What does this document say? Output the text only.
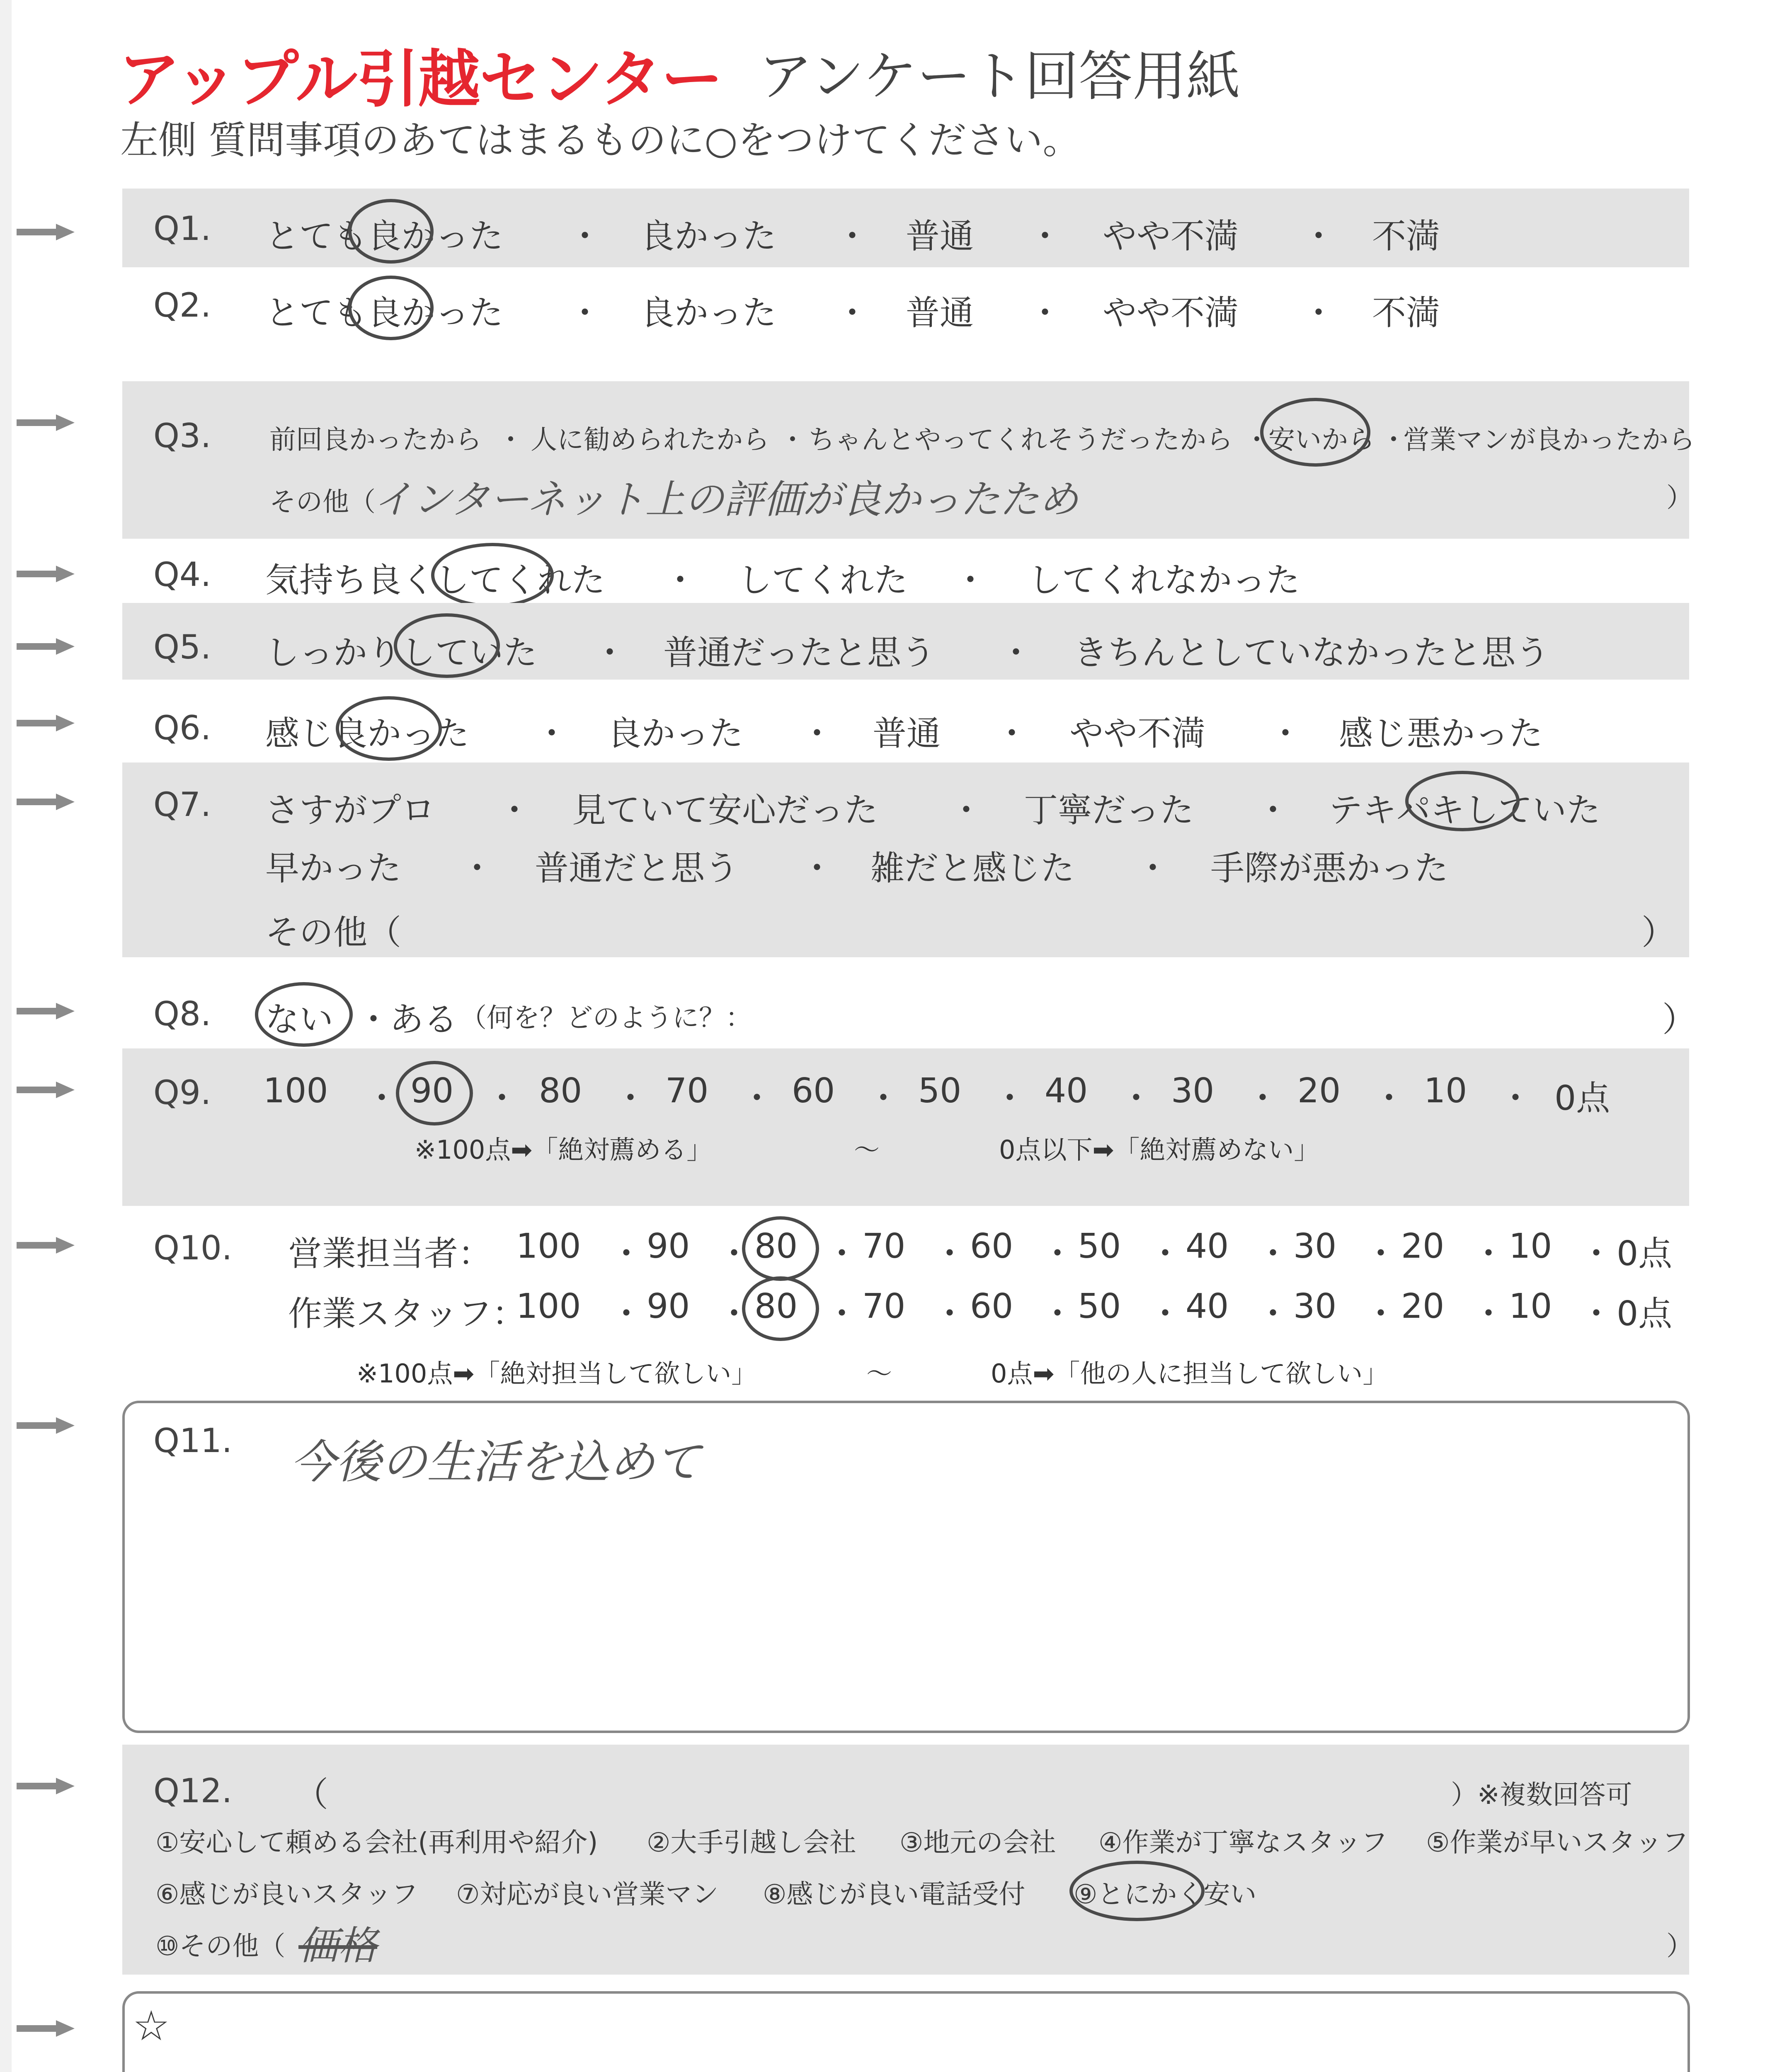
アップル引越センター アンケート回答用紙
左側 質問事項のあてはまるものに○をつけてください。
Q1. とても良かった ・ 良かった ・ 普通 ・ やや不満 ・ 不満
Q2. とても良かった ・ 良かった ・ 普通 ・ やや不満 ・ 不満
Q3. 前回良かったから ・ 人に勧められたから ・ ちゃんとやってくれそうだったから ・
安いから ・
営業マンが良かったから
その他（
インターネット上の評価が良かったため	）
Q4. 気持ち良くしてくれた ・ してくれた ・ してくれなかった
Q5. しっかりしていた ・ 普通だったと思う ・ きちんとしていなかったと思う
Q6. 感じ良かった ・ 良かった ・ 普通 ・ やや不満 ・ 感じ悪かった
Q7. さすがプロ ・ 見ていて安心だった ・ 丁寧だった ・ テキパキしていた
早かった ・ 普通だと思う ・ 雑だと感じた ・ 手際が悪かった
その他（	）
Q8. ない ・
ある （何を？どのように？：	）
Q9. 100 ・ 90 ・ 80 ・ 70 ・ 60 ・ 50 ・ 40 ・ 30 ・ 20 ・ 10 ・ 0点
※100点➡「絶対薦める」	〜	0点以下➡「絶対薦めない」
Q10. 営業担当者： 100 ・ 90 ・ 80 ・ 70 ・ 60 ・ 50 ・ 40 ・ 30 ・ 20 ・ 10 ・ 0点
作業スタッフ：
100 ・ 90 ・ 80 ・ 70 ・ 60 ・ 50 ・ 40 ・ 30 ・ 20 ・ 10 ・ 0点
※100点➡「絶対担当して欲しい」	〜	0点➡「他の人に担当して欲しい」
Q11. 今後の生活を込めて
Q12. （	）※複数回答可
①安心して頼める会社(再利用や紹介) ②大手引越し会社 ③地元の会社 ④作業が丁寧なスタッフ ⑤作業が早いスタッフ
⑥感じが良いスタッフ ⑦対応が良い営業マン ⑧感じが良い電話受付 ⑨とにかく安い
⑩その他（ 価格	）
☆
